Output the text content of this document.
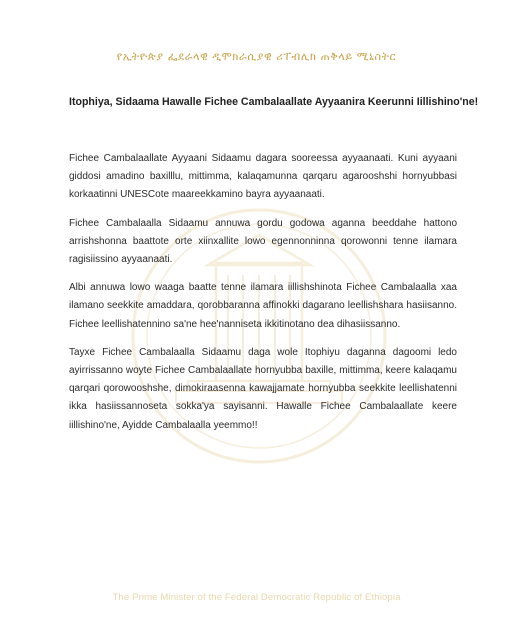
የኢትዮጵያ ፌደራላዊ ዲሞክራሲያዊ ሪፐብሊክ ጠቅላይ ሚኒስትር
Itophiya, Sidaama Hawalle Fichee Cambalaallate Ayyaanira Keerunni Iillishino'ne!

Fichee Cambalaallate Ayyaani Sidaamu dagara sooreessa ayyaanaati. Kuni ayyaani giddosi amadino baxilllu, mittimma, kalaqamunna qarqaru agarooshshi hornyubbasi korkaatinni UNESCote maareekkamino bayra ayyaanaati.

Fichee Cambalaalla Sidaamu annuwa gordu godowa aganna beeddahe hattono arrishshonna baattote orte xiinxallite lowo egennonninna qorowonni tenne ilamara ragisiissino ayyaanaati.

Albi annuwa lowo waaga baatte tenne ilamara iillishshinota Fichee Cambalaalla xaa ilamano seekkite amaddara, qorobbaranna affinokki dagarano leellishshara hasiisanno. Fichee leellishatennino sa'ne hee'nanniseta ikkitinotano dea dihasiissanno.

Tayxe Fichee Cambalaalla Sidaamu daga wole Itophiyu daganna dagoomi ledo ayirrissanno woyte Fichee Cambalaallate hornyubba baxille, mittimma, keere kalaqamu qarqari qorowooshshe, dimokiraasenna kawajjamate hornyubba seekkite leellishatenni ikka hasiissannoseta sokka'ya sayisanni. Hawalle Fichee Cambalaallate keere iillishino'ne, Ayidde Cambalaalla yeemmo!!

The Prime Minister of the Federal Democratic Republic of Ethiopia
